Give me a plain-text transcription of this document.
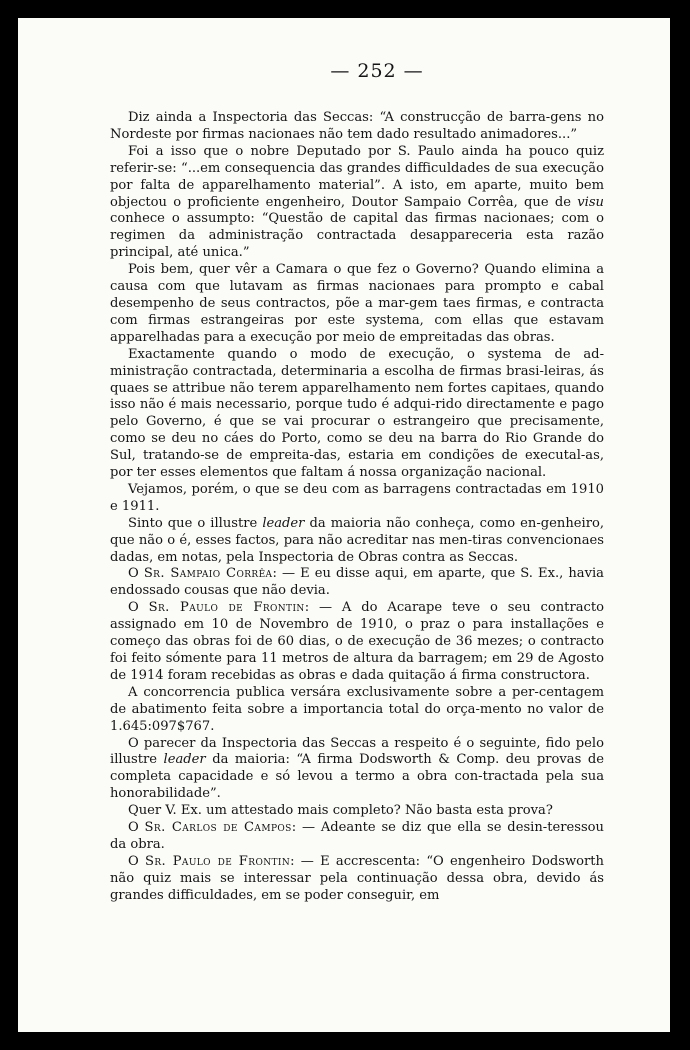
— 252 —

Diz ainda a Inspectoria das Seccas: “A construcção de barra-gens no Nordeste por firmas nacionaes não tem dado resultado animadores...”

Foi a isso que o nobre Deputado por S. Paulo ainda ha pouco quiz referir-se: “...em consequencia das grandes difficuldades de sua execução por falta de apparelhamento material”. A isto, em aparte, muito bem objectou o proficiente engenheiro, Doutor Sampaio Corrêa, que de visu conhece o assumpto: “Questão de capital das firmas nacionaes; com o regimen da administração contractada desappareceria esta razão principal, até unica.”

Pois bem, quer vêr a Camara o que fez o Governo? Quando elimina a causa com que lutavam as firmas nacionaes para prompto e cabal desempenho de seus contractos, põe a mar-gem taes firmas, e contracta com firmas estrangeiras por este systema, com ellas que estavam apparelhadas para a execução por meio de empreitadas das obras.

Exactamente quando o modo de execução, o systema de ad-ministração contractada, determinaria a escolha de firmas brasi-leiras, ás quaes se attribue não terem apparelhamento nem fortes capitaes, quando isso não é mais necessario, porque tudo é adqui-rido directamente e pago pelo Governo, é que se vai procurar o estrangeiro que precisamente, como se deu no cáes do Porto, como se deu na barra do Rio Grande do Sul, tratando-se de empreita-das, estaria em condições de executal-as, por ter esses elementos que faltam á nossa organização nacional.

Vejamos, porém, o que se deu com as barragens contractadas em 1910 e 1911.

Sinto que o illustre leader da maioria não conheça, como en-genheiro, que não o é, esses factos, para não acreditar nas men-tiras convencionaes dadas, em notas, pela Inspectoria de Obras contra as Seccas.

O Sr. Sampaio Corrêa: — E eu disse aqui, em aparte, que S. Ex., havia endossado cousas que não devia.

O Sr. Paulo de Frontin: — A do Acarape teve o seu contracto assignado em 10 de Novembro de 1910, o praz o para installações e começo das obras foi de 60 dias, o de execução de 36 mezes; o contracto foi feito sómente para 11 metros de altura da barragem; em 29 de Agosto de 1914 foram recebidas as obras e dada quitação á firma constructora.

A concorrencia publica versára exclusivamente sobre a per-centagem de abatimento feita sobre a importancia total do orça-mento no valor de 1.645:097$767.

O parecer da Inspectoria das Seccas a respeito é o seguinte, fido pelo illustre leader da maioria: “A firma Dodsworth & Comp. deu provas de completa capacidade e só levou a termo a obra con-tractada pela sua honorabilidade”.

Quer V. Ex. um attestado mais completo? Não basta esta prova?

O Sr. Carlos de Campos: — Adeante se diz que ella se desin-teressou da obra.

O Sr. Paulo de Frontin: — E accrescenta: “O engenheiro Dodsworth não quiz mais se interessar pela continuação dessa obra, devido ás grandes difficuldades, em se poder conseguir, em
